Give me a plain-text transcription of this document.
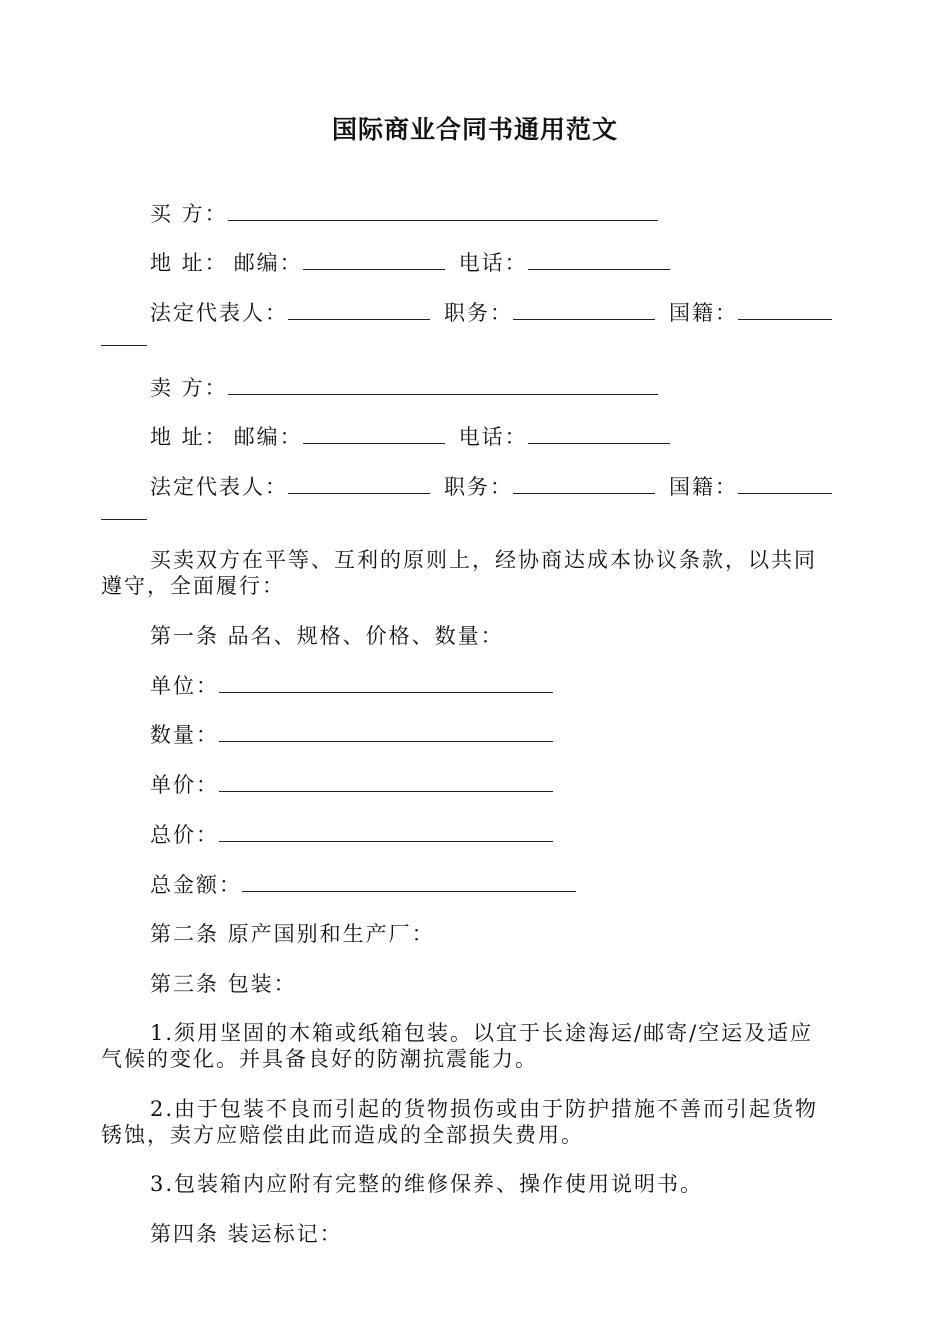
国际商业合同书通用范文
买 方：
地 址： 邮编：	电话：
法定代表人：	职务：	国籍：
卖 方：
地 址： 邮编：	电话：
法定代表人：	职务：	国籍：
买卖双方在平等、互利的原则上，经协商达成本协议条款，以共同
遵守，全面履行：
第一条 品名、规格、价格、数量：
单位：
数量：
单价：
总价：
总金额：
第二条 原产国别和生产厂：
第三条 包装：
1.须用坚固的木箱或纸箱包装。以宜于长途海运/邮寄/空运及适应
气候的变化。并具备良好的防潮抗震能力。
2.由于包装不良而引起的货物损伤或由于防护措施不善而引起货物
锈蚀，卖方应赔偿由此而造成的全部损失费用。
3.包装箱内应附有完整的维修保养、操作使用说明书。
第四条 装运标记：
